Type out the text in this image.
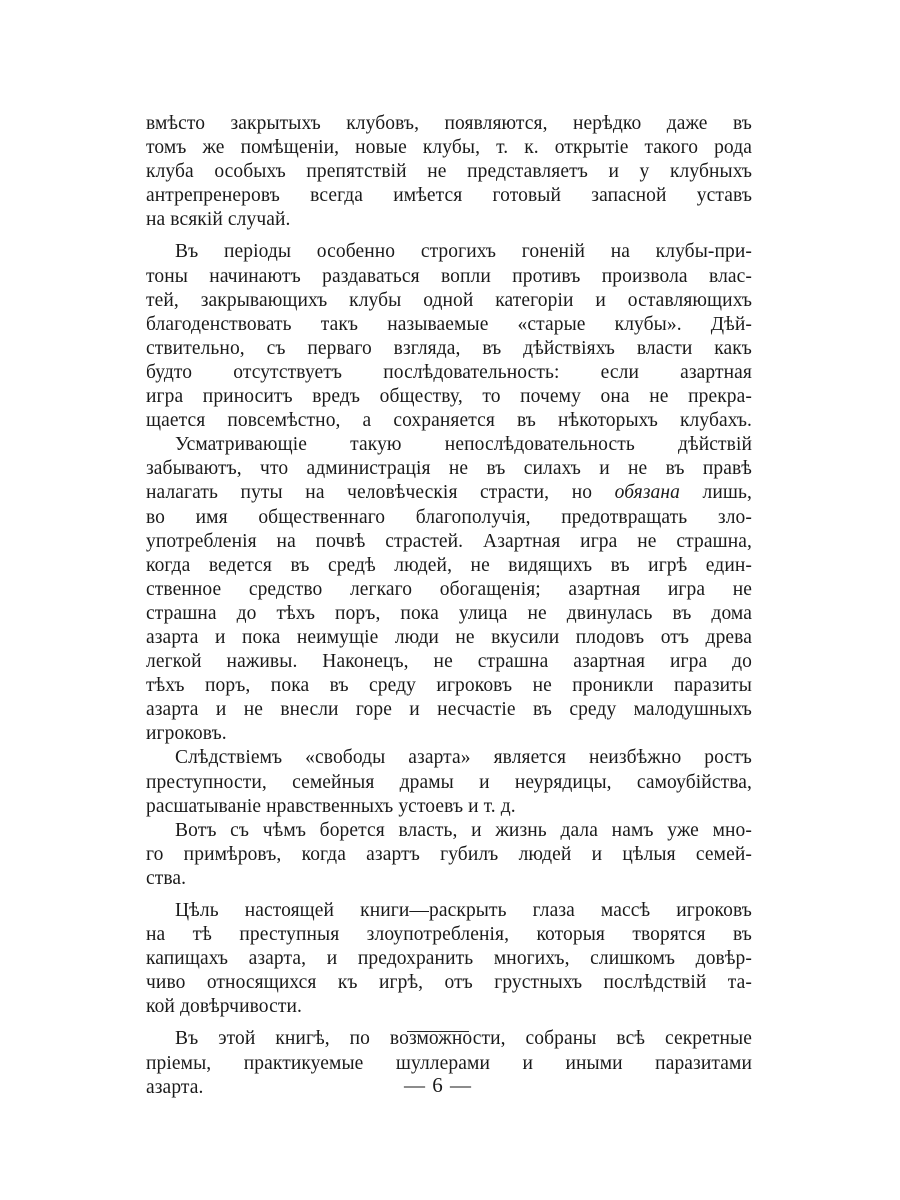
вмѣсто закрытыхъ клубовъ, появляются, нерѣдко даже въ
томъ же помѣщеніи, новые клубы, т. к. открытіе такого рода
клуба особыхъ препятствій не представляетъ и у клубныхъ
антрепренеровъ всегда имѣется готовый запасной уставъ
на всякій случай.
Въ періоды особенно строгихъ гоненій на клубы-при-
тоны начинаютъ раздаваться вопли противъ произвола влас-
тей, закрывающихъ клубы одной категоріи и оставляющихъ
благоденствовать такъ называемые «старые клубы». Дѣй-
ствительно, съ перваго взгляда, въ дѣйствіяхъ власти какъ
будто отсутствуетъ послѣдовательность: если азартная
игра приноситъ вредъ обществу, то почему она не прекра-
щается повсемѣстно, а сохраняется въ нѣкоторыхъ клубахъ.
Усматривающіе такую непослѣдовательность дѣйствій
забываютъ, что администрація не въ силахъ и не въ правѣ
налагать путы на человѣческія страсти, но обязана лишь,
во имя общественнаго благополучія, предотвращать зло-
употребленія на почвѣ страстей. Азартная игра не страшна,
когда ведется въ средѣ людей, не видящихъ въ игрѣ един-
ственное средство легкаго обогащенія; азартная игра не
страшна до тѣхъ поръ, пока улица не двинулась въ дома
азарта и пока неимущіе люди не вкусили плодовъ отъ древа
легкой наживы. Наконецъ, не страшна азартная игра до
тѣхъ поръ, пока въ среду игроковъ не проникли паразиты
азарта и не внесли горе и несчастіе въ среду малодушныхъ
игроковъ.
Слѣдствіемъ «свободы азарта» является неизбѣжно ростъ
преступности, семейныя драмы и неурядицы, самоубійства,
расшатываніе нравственныхъ устоевъ и т. д.
Вотъ съ чѣмъ борется власть, и жизнь дала намъ уже мно-
го примѣровъ, когда азартъ губилъ людей и цѣлыя семей-
ства.
Цѣль настоящей книги—раскрыть глаза массѣ игроковъ
на тѣ преступныя злоупотребленія, которыя творятся въ
капищахъ азарта, и предохранить многихъ, слишкомъ довѣр-
чиво относящихся къ игрѣ, отъ грустныхъ послѣдствій та-
кой довѣрчивости.
Въ этой книгѣ, по возможности, собраны всѣ секретные
пріемы, практикуемые шуллерами и иными паразитами
азарта.	— 6 —
